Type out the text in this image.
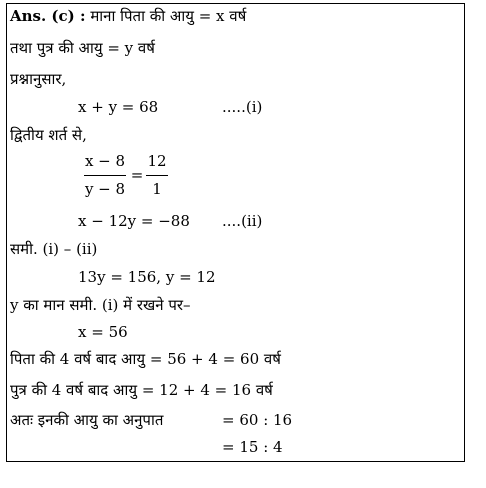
Ans. (c) : माना पिता की आयु = x वर्ष
तथा पुत्र की आयु = y वर्ष
प्रश्नानुसार,
x + y = 68	.....(i)
द्वितीय शर्त से,
x − 8
y − 8
=
12
1
x − 12y = −88 ....(ii)
समी. (i) – (ii)
13y = 156, y = 12
y का मान समी. (i) में रखने पर–
x = 56
पिता की 4 वर्ष बाद आयु = 56 + 4 = 60 वर्ष
पुत्र की 4 वर्ष बाद आयु = 12 + 4 = 16 वर्ष
अतः इनकी आयु का अनुपात	= 60 : 16
= 15 : 4
